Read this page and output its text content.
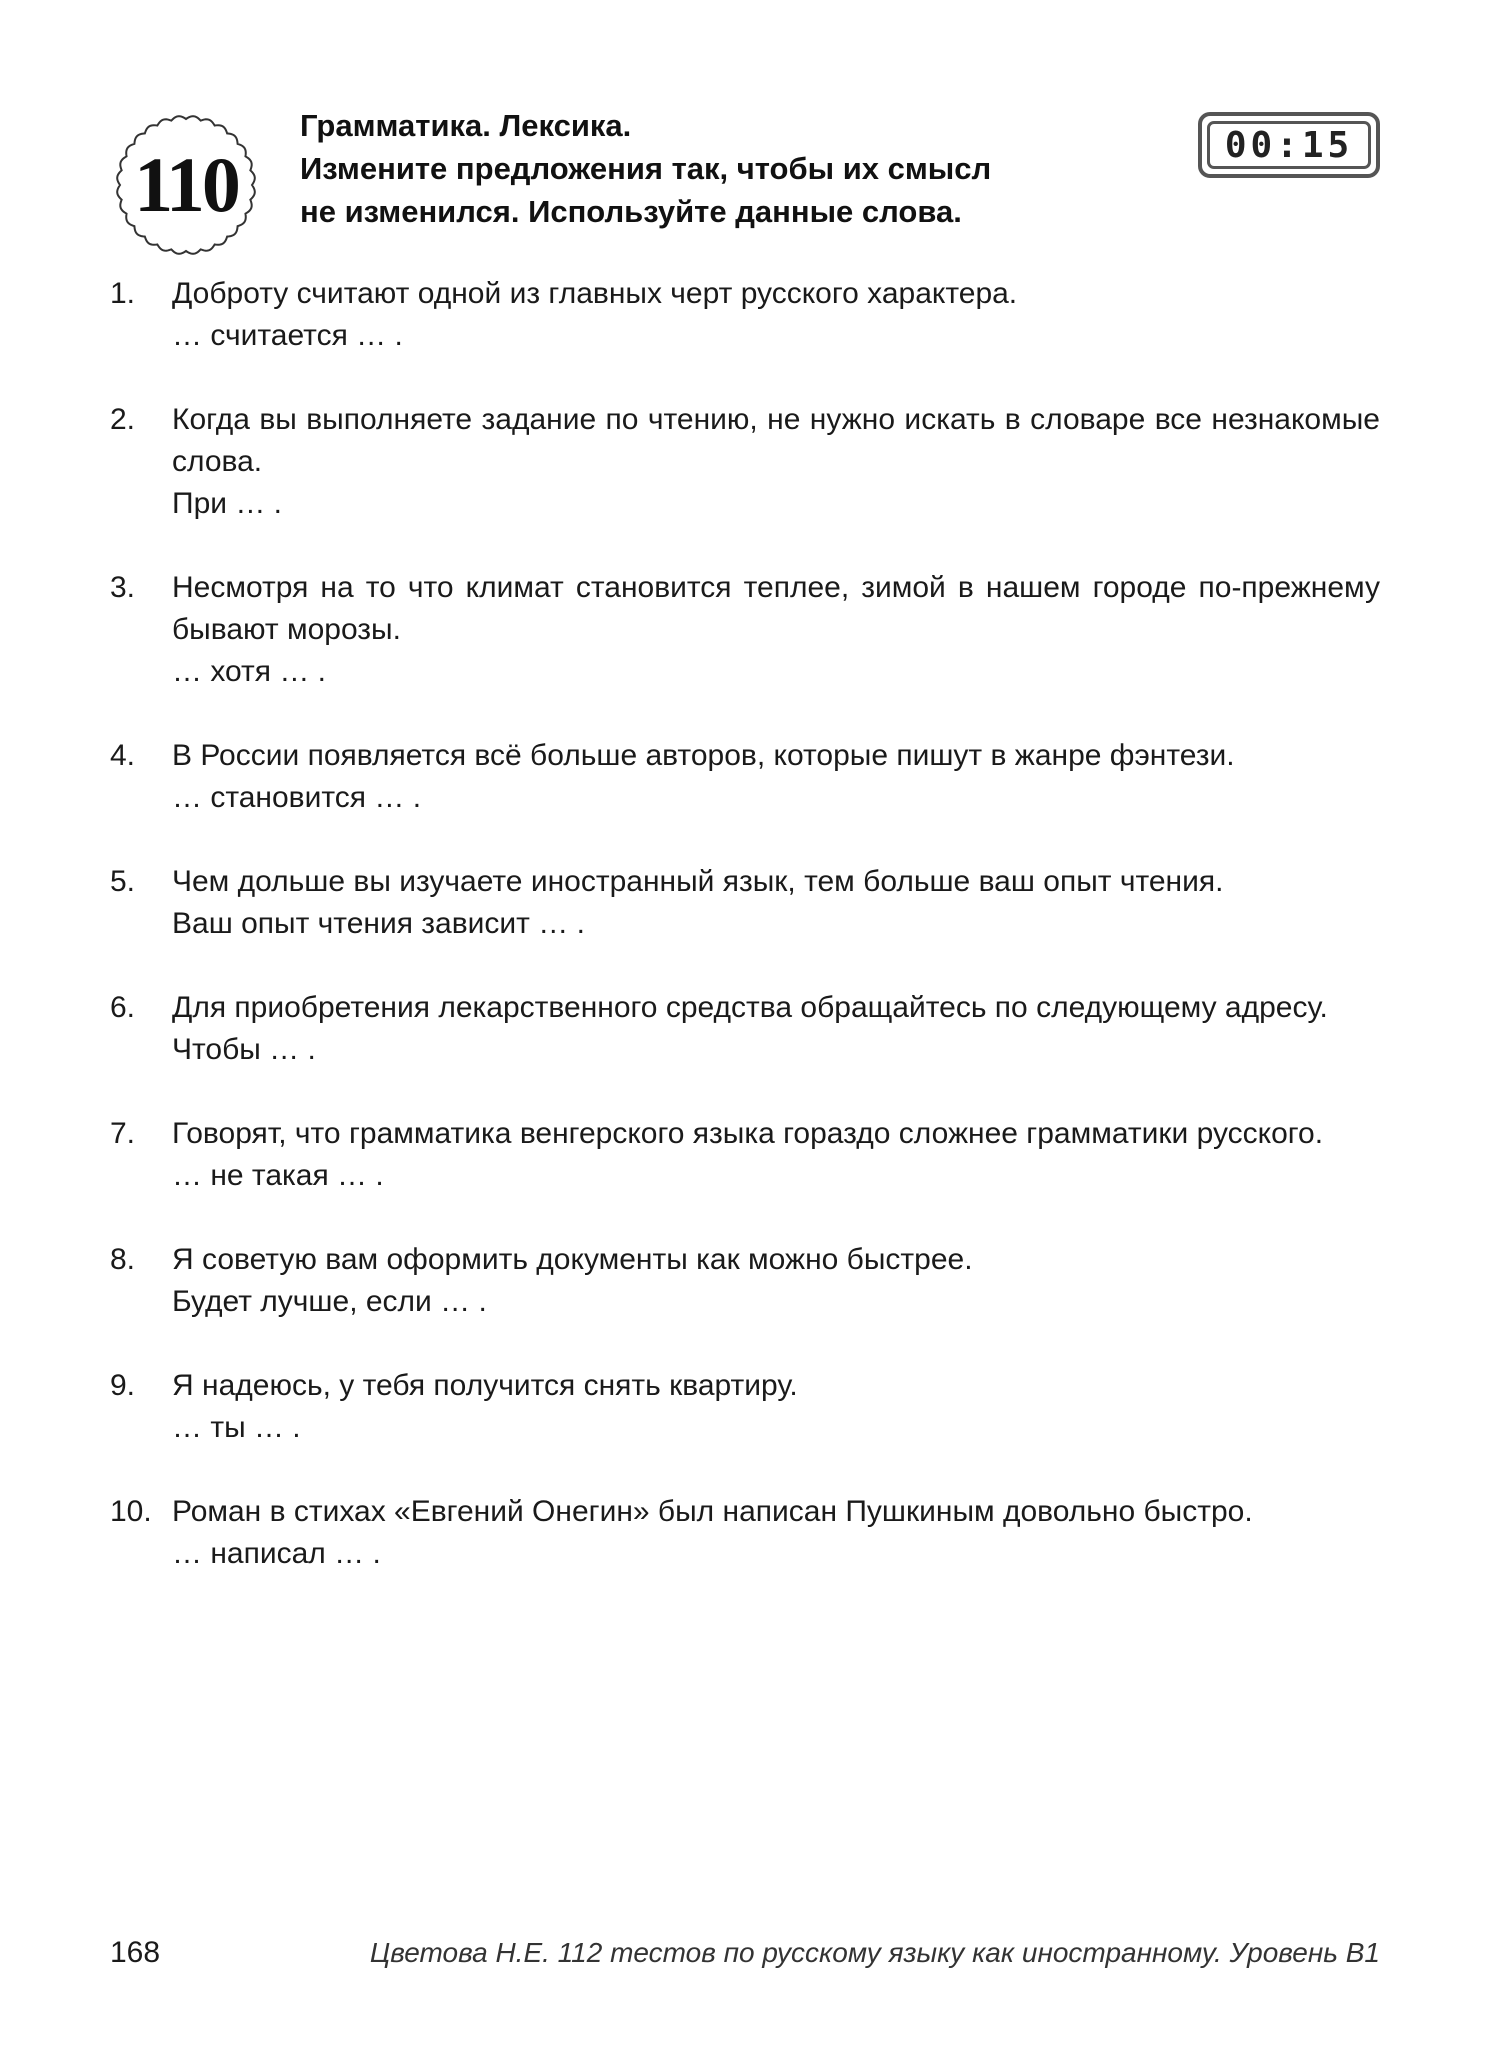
110
Грамматика. Лексика.
Измените предложения так, чтобы их смысл
не изменился. Используйте данные слова.
00:15
1. Доброту считают одной из главных черт русского характера.
… считается … .
2. Когда вы выполняете задание по чтению, не нужно искать в словаре все незнакомые слова.
При … .
3. Несмотря на то что климат становится теплее, зимой в нашем городе по-прежнему бывают морозы.
… хотя … .
4. В России появляется всё больше авторов, которые пишут в жанре фэнтези.
… становится … .
5. Чем дольше вы изучаете иностранный язык, тем больше ваш опыт чтения.
Ваш опыт чтения зависит … .
6. Для приобретения лекарственного средства обращайтесь по следующему адресу.
Чтобы … .
7. Говорят, что грамматика венгерского языка гораздо сложнее грамматики русского.
… не такая … .
8. Я советую вам оформить документы как можно быстрее.
Будет лучше, если … .
9. Я надеюсь, у тебя получится снять квартиру.
… ты … .
10. Роман в стихах «Евгений Онегин» был написан Пушкиным довольно быстро.
… написал … .
168	Цветова Н.Е. 112 тестов по русскому языку как иностранному. Уровень B1
